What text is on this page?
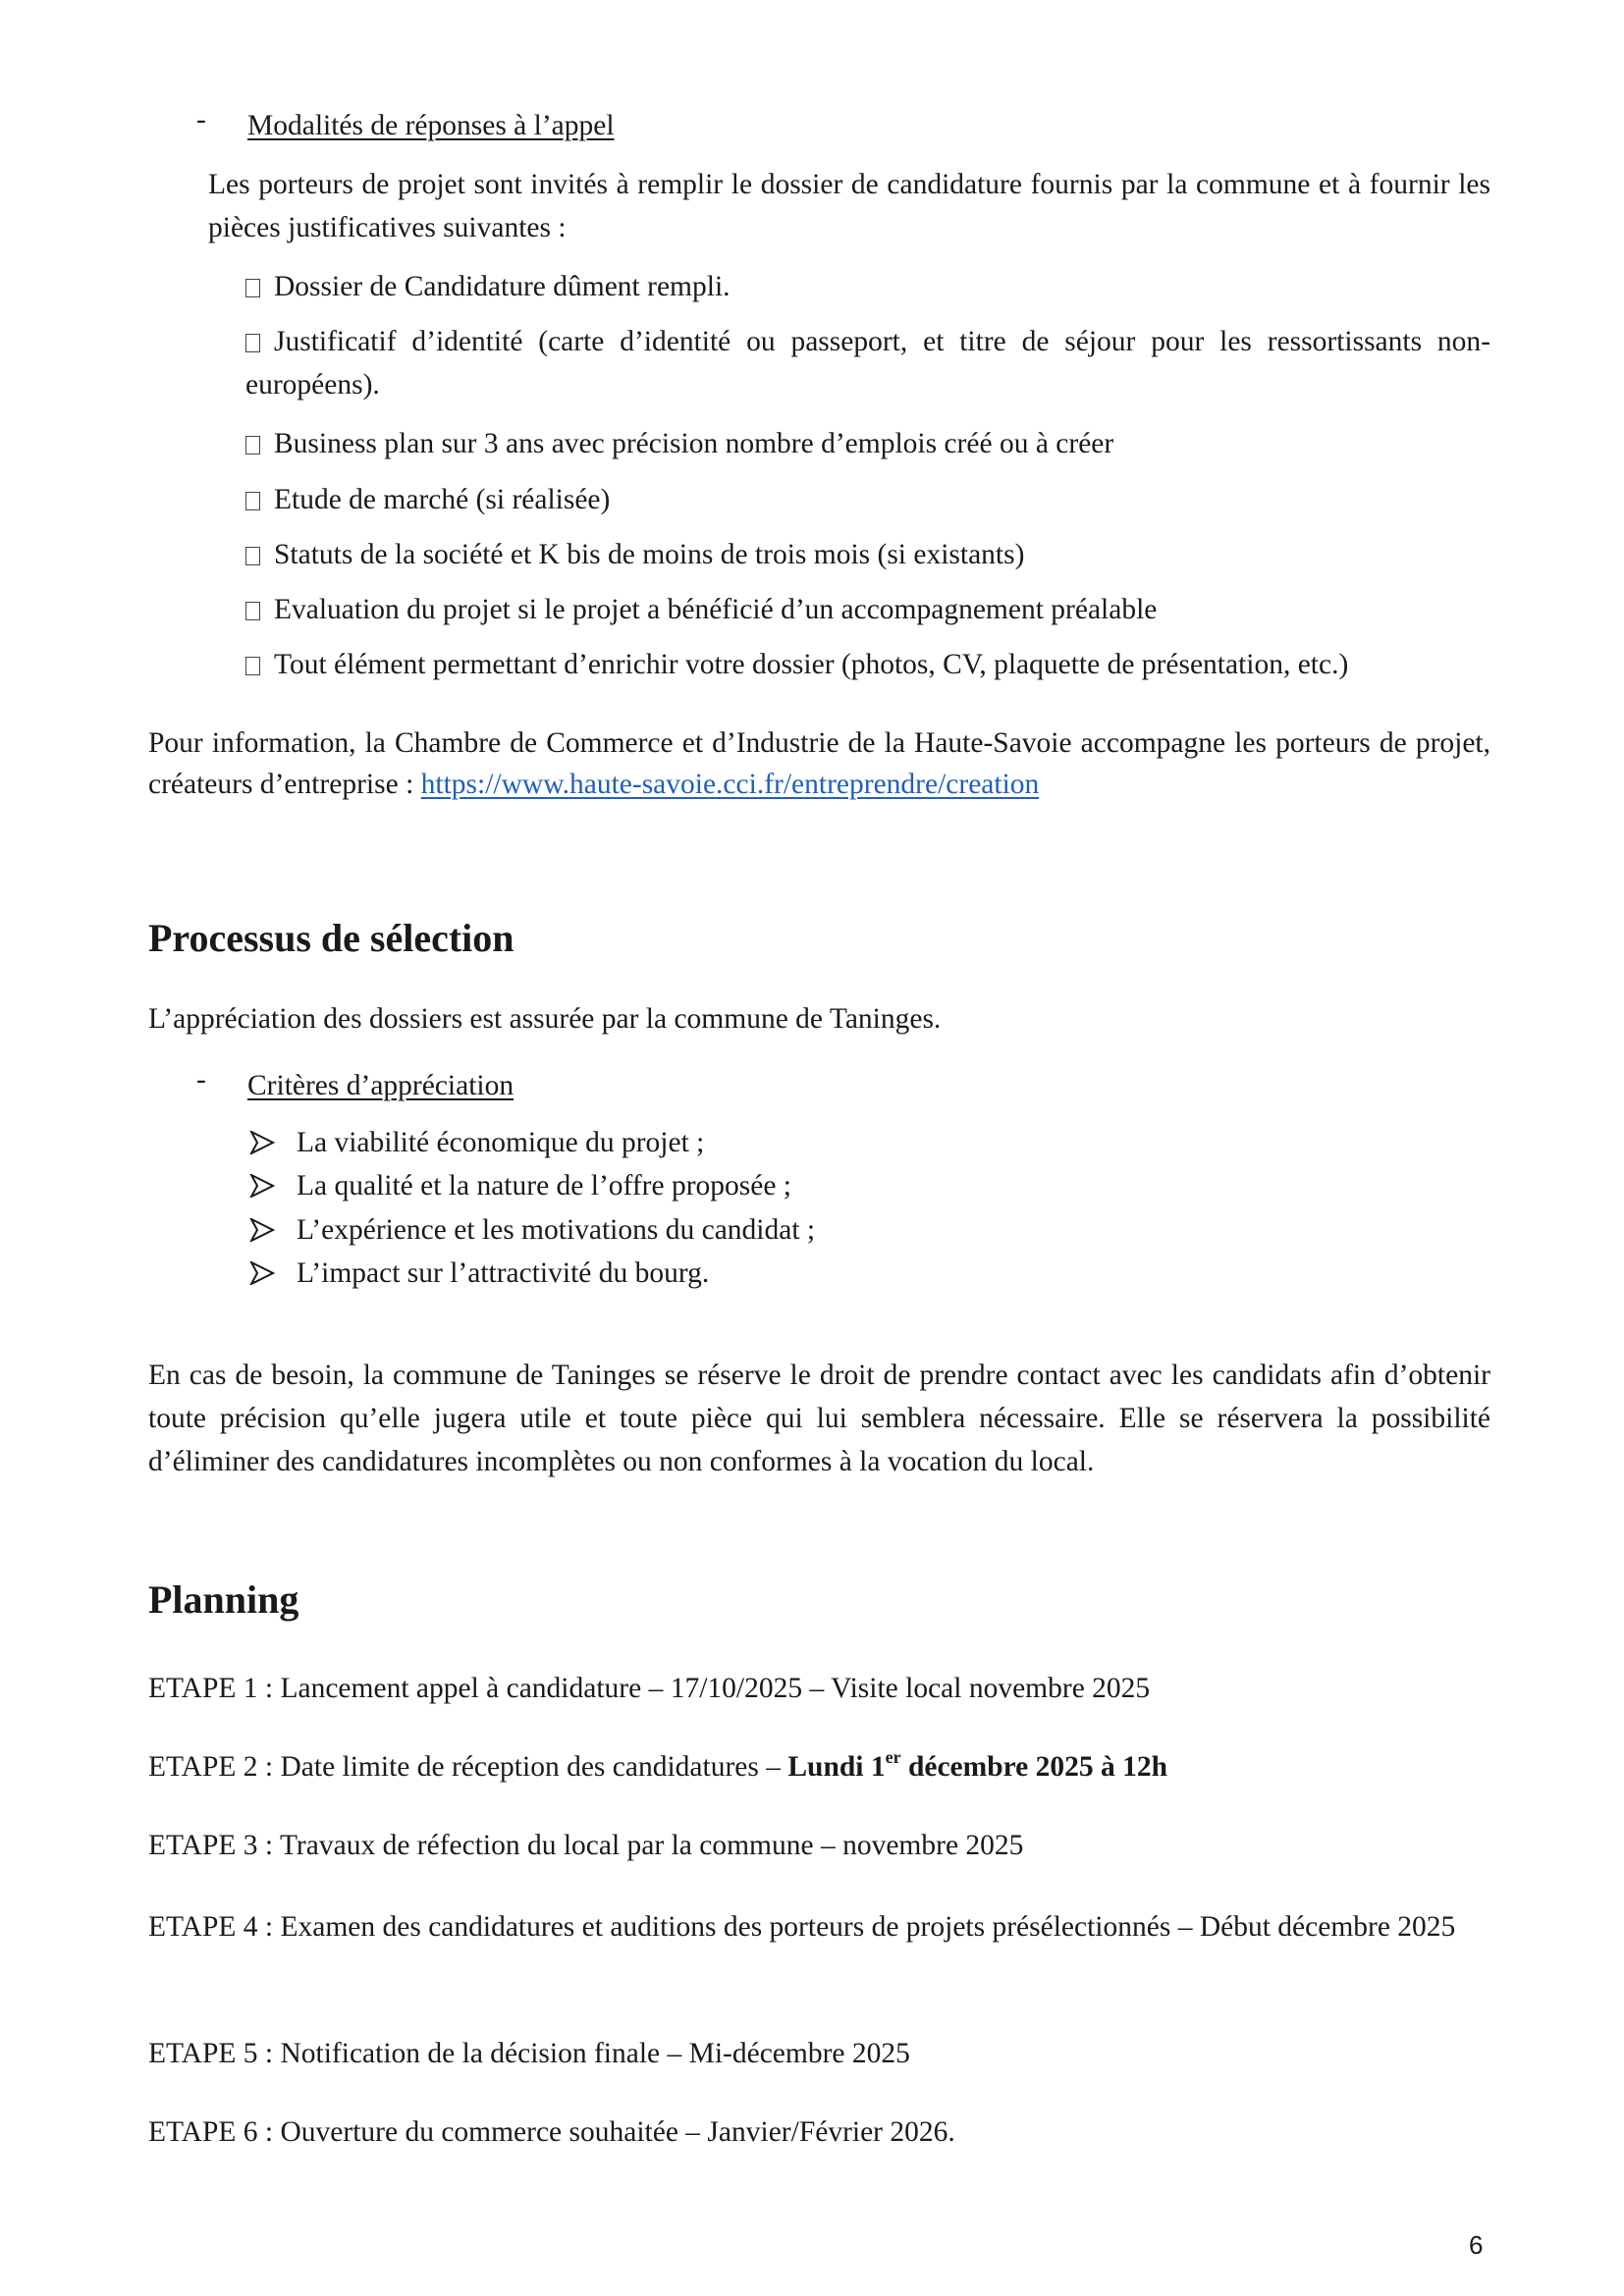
- Modalités de réponses à l’appel
Les porteurs de projet sont invités à remplir le dossier de candidature fournis par la commune et à fournir les pièces justificatives suivantes :
Dossier de Candidature dûment rempli.
Justificatif d’identité (carte d’identité ou passeport, et titre de séjour pour les ressortissants non-européens).
Business plan sur 3 ans avec précision nombre d’emplois créé ou à créer
Etude de marché (si réalisée)
Statuts de la société et K bis de moins de trois mois (si existants)
Evaluation du projet si le projet a bénéficié d’un accompagnement préalable
Tout élément permettant d’enrichir votre dossier (photos, CV, plaquette de présentation, etc.)
Pour information, la Chambre de Commerce et d’Industrie de la Haute-Savoie accompagne les porteurs de projet, créateurs d’entreprise : https://www.haute-savoie.cci.fr/entreprendre/creation
Processus de sélection
L’appréciation des dossiers est assurée par la commune de Taninges.
- Critères d’appréciation
La viabilité économique du projet ;
La qualité et la nature de l’offre proposée ;
L’expérience et les motivations du candidat ;
L’impact sur l’attractivité du bourg.
En cas de besoin, la commune de Taninges se réserve le droit de prendre contact avec les candidats afin d’obtenir toute précision qu’elle jugera utile et toute pièce qui lui semblera nécessaire. Elle se réservera la possibilité d’éliminer des candidatures incomplètes ou non conformes à la vocation du local.
Planning
ETAPE 1 : Lancement appel à candidature – 17/10/2025 – Visite local novembre 2025
ETAPE 2 : Date limite de réception des candidatures – Lundi 1er décembre 2025 à 12h
ETAPE 3 : Travaux de réfection du local par la commune – novembre 2025
ETAPE 4 : Examen des candidatures et auditions des porteurs de projets présélectionnés – Début décembre 2025
ETAPE 5 : Notification de la décision finale – Mi-décembre 2025
ETAPE 6 : Ouverture du commerce souhaitée – Janvier/Février 2026.
6
